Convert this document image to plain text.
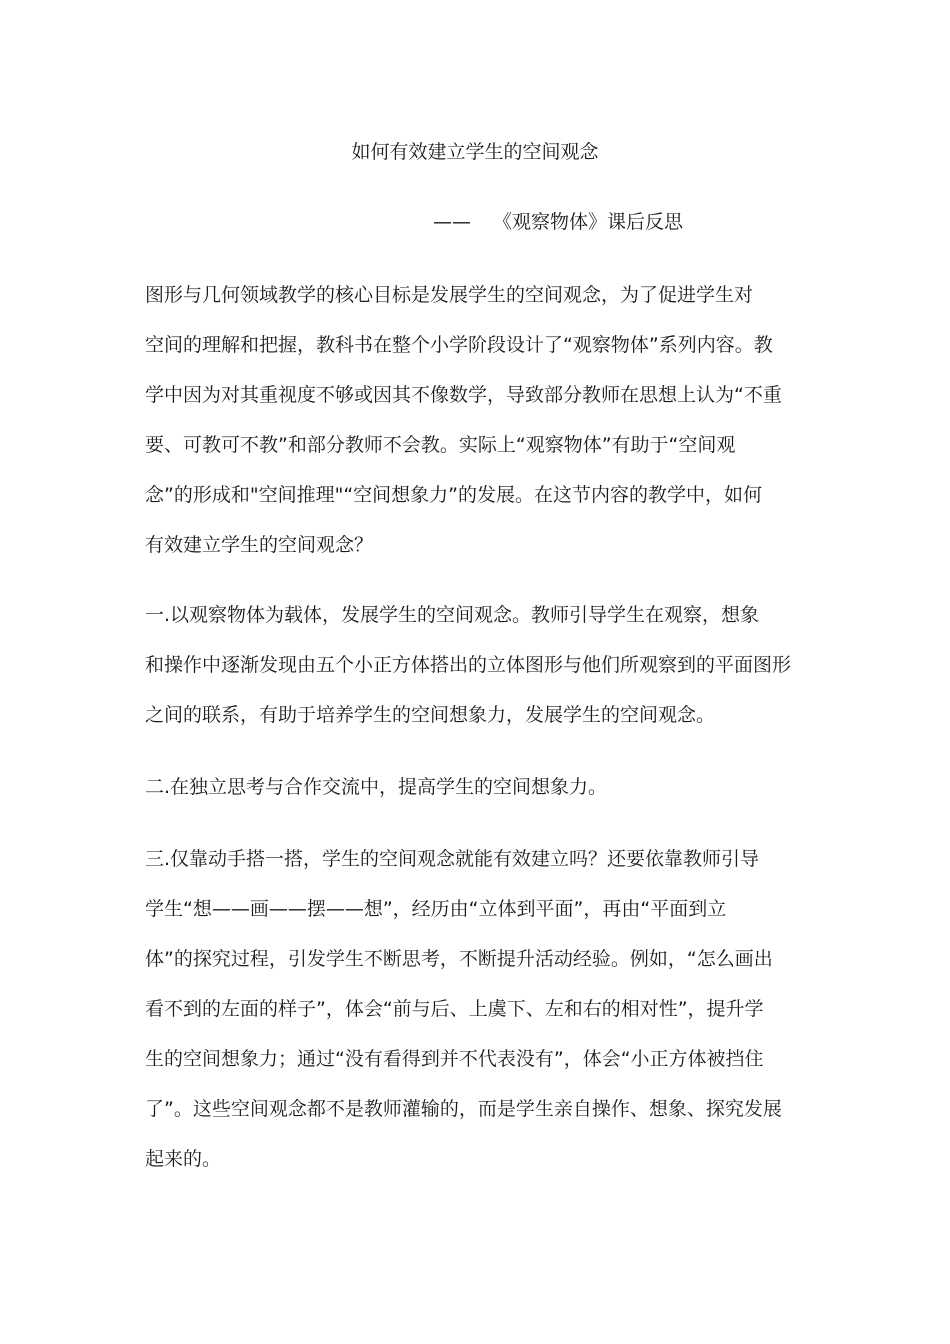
如何有效建立学生的空间观念
—— 《观察物体》课后反思
图形与几何领域教学的核心目标是发展学生的空间观念，为了促进学生对
空间的理解和把握，教科书在整个小学阶段设计了“观察物体”系列内容。教
学中因为对其重视度不够或因其不像数学，导致部分教师在思想上认为“不重
要、可教可不教”和部分教师不会教。实际上“观察物体”有助于“空间观
念”的形成和"空间推理"“空间想象力”的发展。在这节内容的教学中，如何
有效建立学生的空间观念？
一.以观察物体为载体，发展学生的空间观念。教师引导学生在观察，想象
和操作中逐渐发现由五个小正方体搭出的立体图形与他们所观察到的平面图形
之间的联系，有助于培养学生的空间想象力，发展学生的空间观念。
二.在独立思考与合作交流中，提高学生的空间想象力。
三.仅靠动手搭一搭，学生的空间观念就能有效建立吗？还要依靠教师引导
学生“想——画——摆——想”，经历由“立体到平面”，再由“平面到立
体”的探究过程，引发学生不断思考，不断提升活动经验。例如，“怎么画出
看不到的左面的样子”，体会“前与后、上虞下、左和右的相对性”，提升学
生的空间想象力；通过“没有看得到并不代表没有”，体会“小正方体被挡住
了”。这些空间观念都不是教师灌输的，而是学生亲自操作、想象、探究发展
起来的。
